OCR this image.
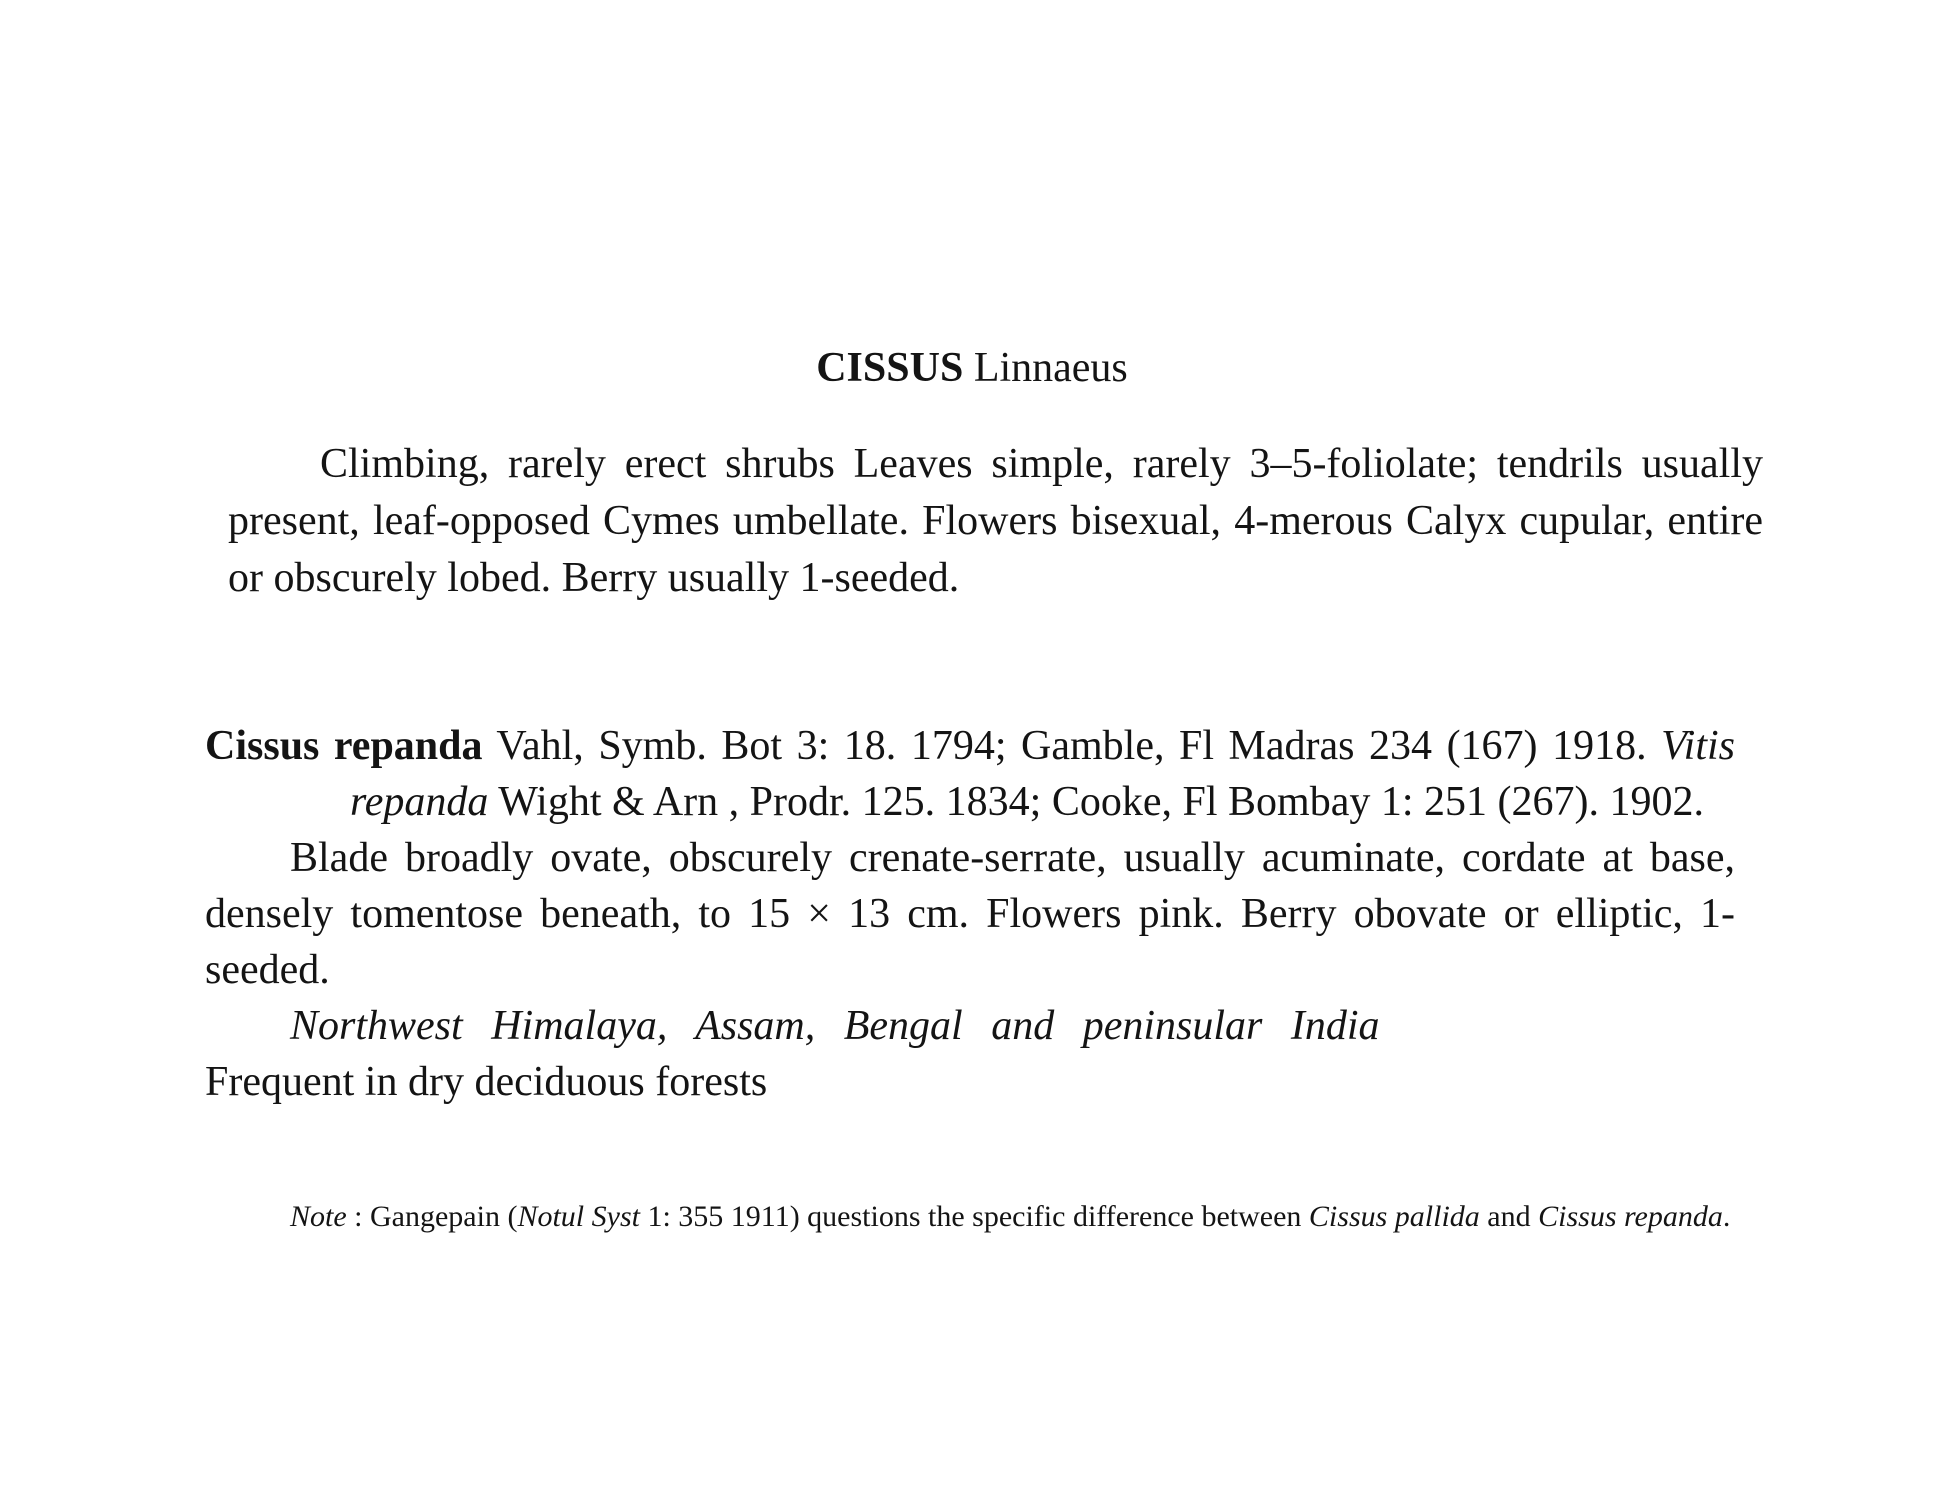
CISSUS Linnaeus
Climbing, rarely erect shrubs Leaves simple, rarely 3–5-foliolate; tendrils usually present, leaf-opposed Cymes umbellate. Flowers bisexual, 4-merous Calyx cupular, entire or obscurely lobed. Berry usually 1-seeded.

Cissus repanda Vahl, Symb. Bot 3: 18. 1794; Gamble, Fl Madras 234 (167) 1918. Vitis repanda Wight & Arn , Prodr. 125. 1834; Cooke, Fl Bombay 1: 251 (267). 1902.

Blade broadly ovate, obscurely crenate-serrate, usually acuminate, cordate at base, densely tomentose beneath, to 15 × 13 cm. Flowers pink. Berry obovate or elliptic, 1-seeded.

Northwest Himalaya, Assam, Bengal and peninsular India
Frequent in dry deciduous forests

Note : Gangepain (Notul Syst 1: 355 1911) questions the specific difference between Cissus pallida and Cissus repanda.
